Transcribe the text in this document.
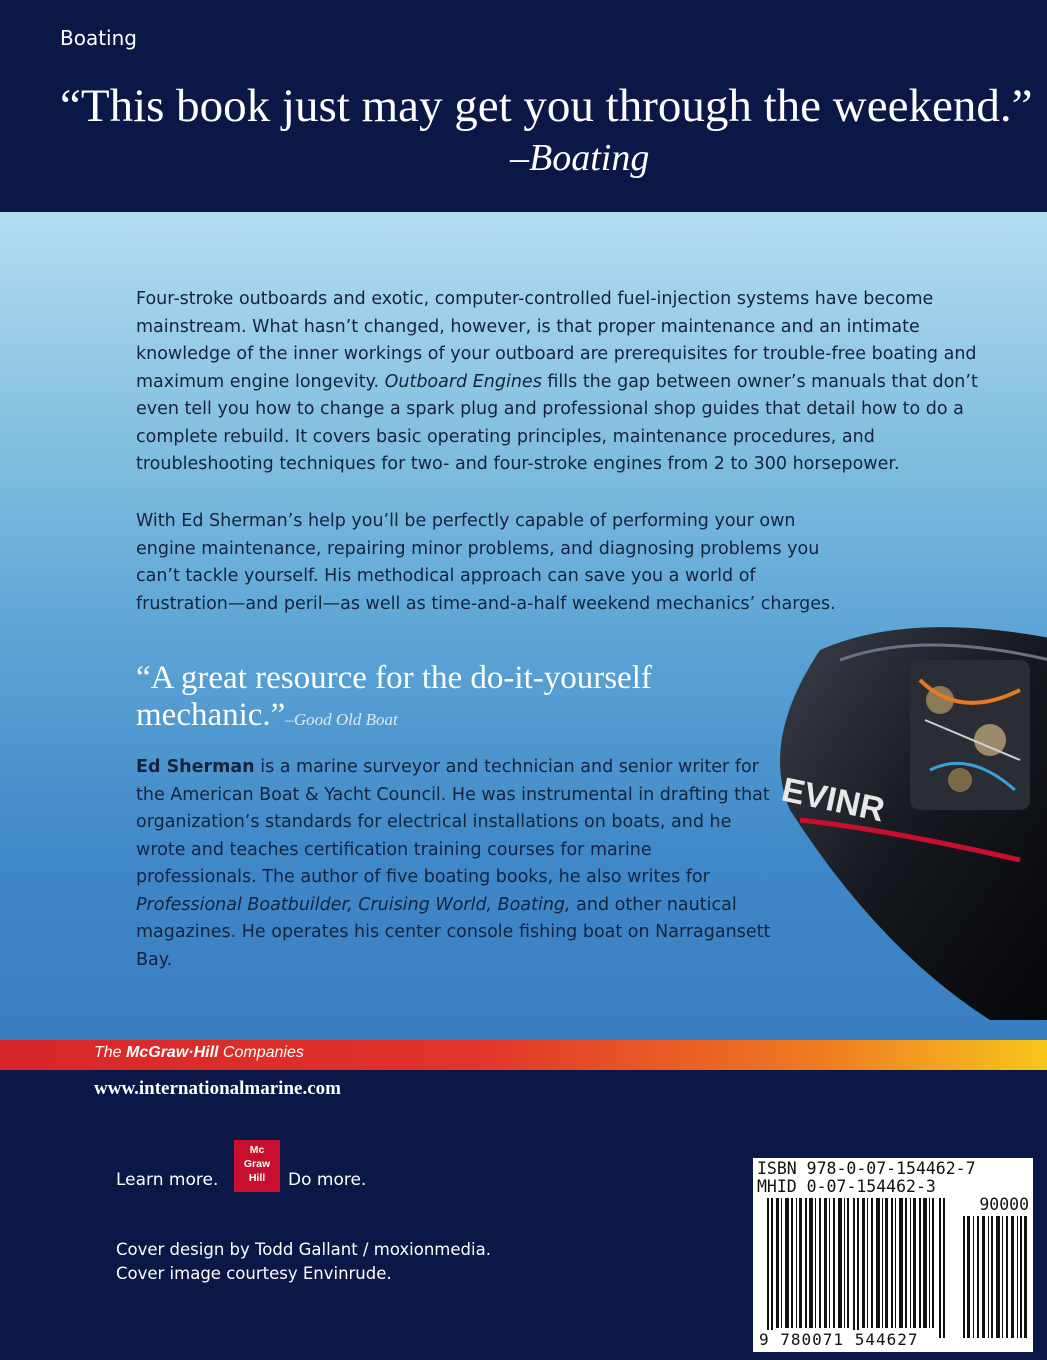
Boating
“This book just may get you through the weekend.”
–Boating
EVINR

Four-stroke outboards and exotic, computer-controlled fuel-injection systems have become mainstream. What hasn’t changed, however, is that proper maintenance and an intimate knowledge of the inner workings of your outboard are prerequisites for trouble-free boating and maximum engine longevity. Outboard Engines fills the gap between owner’s manuals that don’t even tell you how to change a spark plug and professional shop guides that detail how to do a complete rebuild. It covers basic operating principles, maintenance procedures, and troubleshooting techniques for two- and four-stroke engines from 2 to 300 horsepower.

With Ed Sherman’s help you’ll be perfectly capable of performing your own engine maintenance, repairing minor problems, and diagnosing problems you can’t tackle yourself. His methodical approach can save you a world of frustration—and peril—as well as time-and-a-half weekend mechanics’ charges.

“A great resource for the do-it-yourself mechanic.”–Good Old Boat

Ed Sherman is a marine surveyor and technician and senior writer for the American Boat & Yacht Council. He was instrumental in drafting that organization’s standards for electrical installations on boats, and he wrote and teaches certification training courses for marine professionals. The author of five boating books, he also writes for Professional Boatbuilder, Cruising World, Boating, and other nautical magazines. He operates his center console fishing boat on Narragansett Bay.

The McGraw·Hill Companies
www.internationalmarine.com
Learn more.
Mc
Graw
Hill	Do more.
Cover design by Todd Gallant / moxionmedia.
Cover image courtesy Envinrude.
ISBN 978-0-07-154462-7
MHID 0-07-154462-3
90000
9 780071 544627
